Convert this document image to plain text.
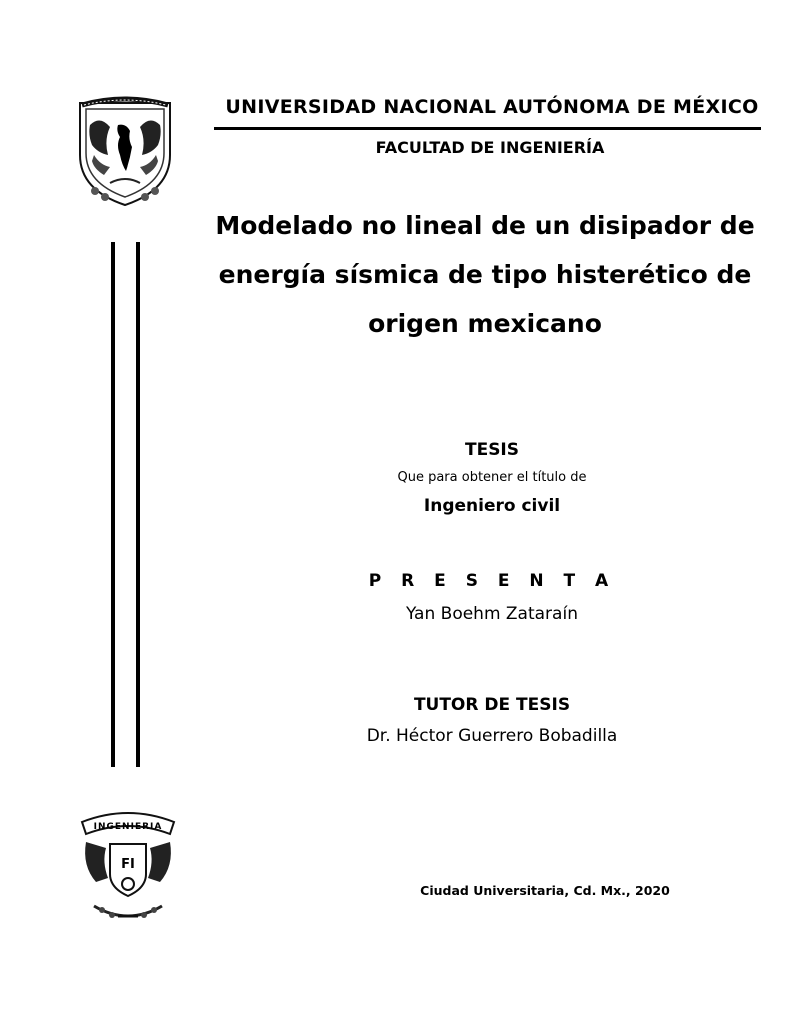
UNIVERSIDAD NACIONAL AUTÓNOMA DE MÉXICO
FACULTAD DE INGENIERÍA
Modelado no lineal de un disipador de
energía sísmica de tipo histerético de
origen mexicano
TESIS
Que para obtener el título de
Ingeniero civil
P R E S E N T A
Yan Boehm Zataraín
TUTOR DE TESIS
Dr. Héctor Guerrero Bobadilla
INGENIERIA
FI
Ciudad Universitaria, Cd. Mx., 2020
